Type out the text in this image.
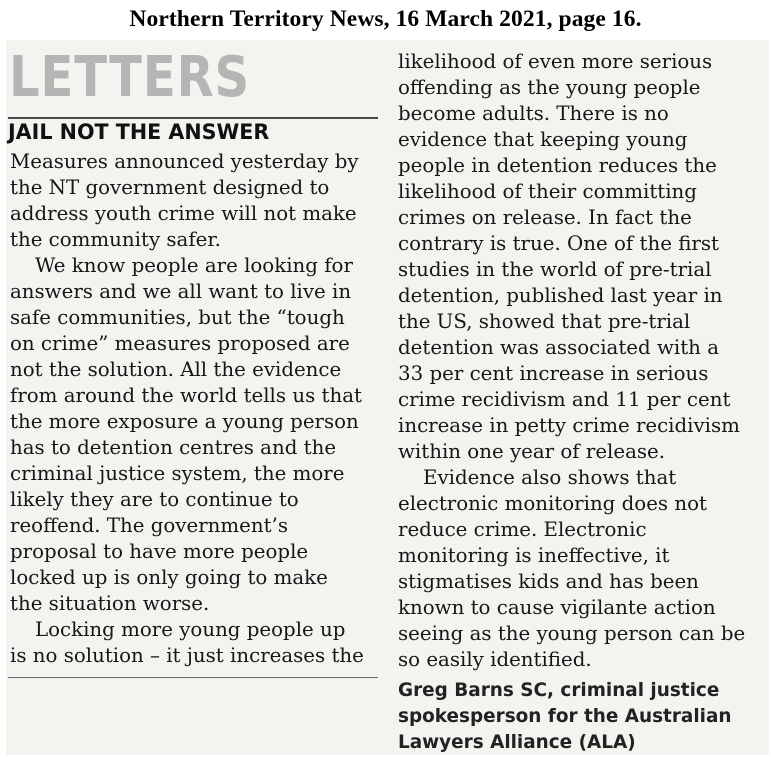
Northern Territory News, 16 March 2021, page 16.
LETTERS
JAIL NOT THE ANSWER
Measures announced yesterday by
the NT government designed to
address youth crime will not make
the community safer.
We know people are looking for
answers and we all want to live in
safe communities, but the “tough
on crime” measures proposed are
not the solution. All the evidence
from around the world tells us that
the more exposure a young person
has to detention centres and the
criminal justice system, the more
likely they are to continue to
reoffend. The government’s
proposal to have more people
locked up is only going to make
the situation worse.
Locking more young people up
is no solution – it just increases the
likelihood of even more serious
offending as the young people
become adults. There is no
evidence that keeping young
people in detention reduces the
likelihood of their committing
crimes on release. In fact the
contrary is true. One of the first
studies in the world of pre-trial
detention, published last year in
the US, showed that pre-trial
detention was associated with a
33 per cent increase in serious
crime recidivism and 11 per cent
increase in petty crime recidivism
within one year of release.
Evidence also shows that
electronic monitoring does not
reduce crime. Electronic
monitoring is ineffective, it
stigmatises kids and has been
known to cause vigilante action
seeing as the young person can be
so easily identified.
Greg Barns SC, criminal justice
spokesperson for the Australian
Lawyers Alliance (ALA)
